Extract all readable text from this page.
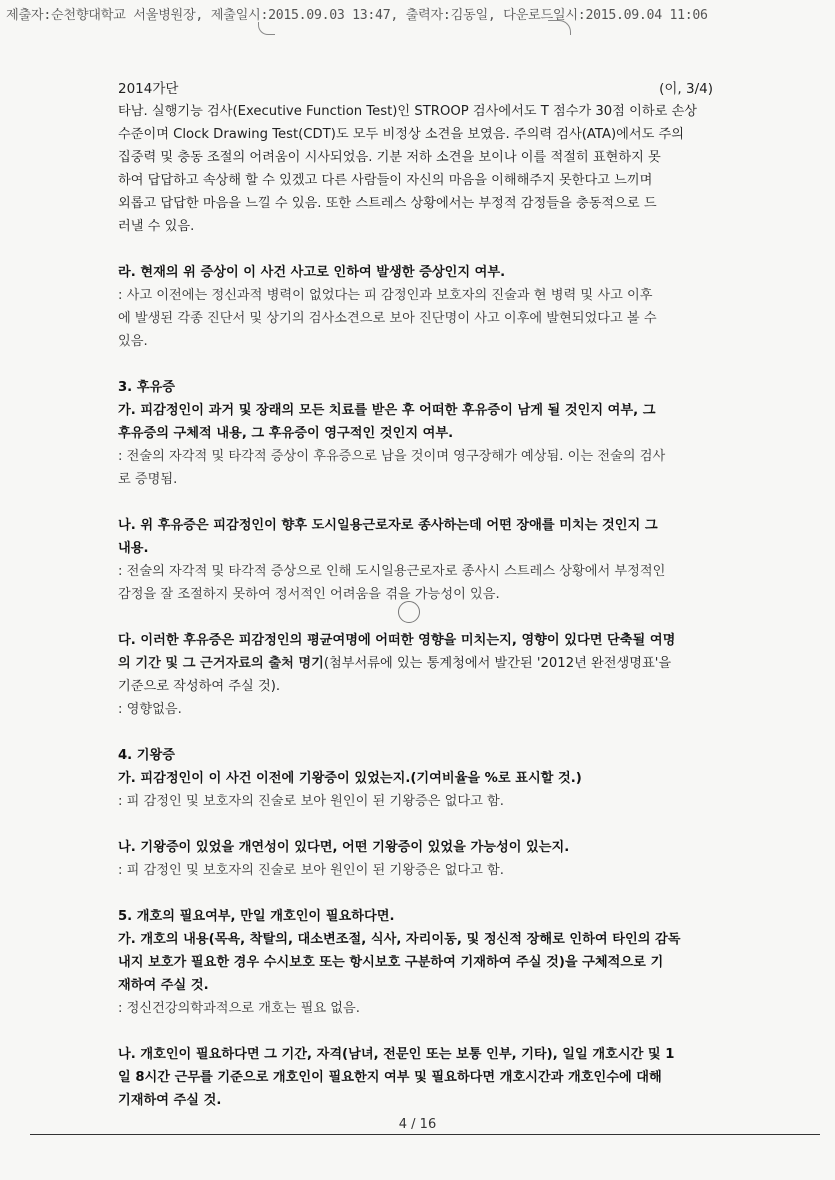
제출자:순천향대학교 서울병원장, 제출일시:2015.09.03 13:47, 출력자:김동일, 다운로드일시:2015.09.04 11:06
2014가단	(이, 3/4)

타남. 실행기능 검사(Executive Function Test)인 STROOP 검사에서도 T 점수가 30점 이하로 손상

수준이며 Clock Drawing Test(CDT)도 모두 비정상 소견을 보였음. 주의력 검사(ATA)에서도 주의

집중력 및 충동 조절의 어려움이 시사되었음. 기분 저하 소견을 보이나 이를 적절히 표현하지 못

하여 답답하고 속상해 할 수 있겠고 다른 사람들이 자신의 마음을 이해해주지 못한다고 느끼며

외롭고 답답한 마음을 느낄 수 있음. 또한 스트레스 상황에서는 부정적 감정들을 충동적으로 드

러낼 수 있음.

라. 현재의 위 증상이 이 사건 사고로 인하여 발생한 증상인지 여부.

: 사고 이전에는 정신과적 병력이 없었다는 피 감정인과 보호자의 진술과 현 병력 및 사고 이후

에 발생된 각종 진단서 및 상기의 검사소견으로 보아 진단명이 사고 이후에 발현되었다고 볼 수

있음.

3. 후유증

가. 피감정인이 과거 및 장래의 모든 치료를 받은 후 어떠한 후유증이 남게 될 것인지 여부, 그

후유증의 구체적 내용, 그 후유증이 영구적인 것인지 여부.

: 전술의 자각적 및 타각적 증상이 후유증으로 남을 것이며 영구장해가 예상됨. 이는 전술의 검사

로 증명됨.

나. 위 후유증은 피감정인이 향후 도시일용근로자로 종사하는데 어떤 장애를 미치는 것인지 그

내용.

: 전술의 자각적 및 타각적 증상으로 인해 도시일용근로자로 종사시 스트레스 상황에서 부정적인

감정을 잘 조절하지 못하여 정서적인 어려움을 겪을 가능성이 있음.

다. 이러한 후유증은 피감정인의 평균여명에 어떠한 영향을 미치는지, 영향이 있다면 단축될 여명

의 기간 및 그 근거자료의 출처 명기(첨부서류에 있는 통계청에서 발간된 '2012년 완전생명표'을

기준으로 작성하여 주실 것).

: 영향없음.

4. 기왕증

가. 피감정인이 이 사건 이전에 기왕증이 있었는지.(기여비율을 %로 표시할 것.)

: 피 감정인 및 보호자의 진술로 보아 원인이 된 기왕증은 없다고 함.

나. 기왕증이 있었을 개연성이 있다면, 어떤 기왕증이 있었을 가능성이 있는지.

: 피 감정인 및 보호자의 진술로 보아 원인이 된 기왕증은 없다고 함.

5. 개호의 필요여부, 만일 개호인이 필요하다면.

가. 개호의 내용(목욕, 착탈의, 대소변조절, 식사, 자리이동, 및 정신적 장해로 인하여 타인의 감독

내지 보호가 필요한 경우 수시보호 또는 항시보호 구분하여 기재하여 주실 것)을 구체적으로 기

재하여 주실 것.

: 정신건강의학과적으로 개호는 필요 없음.

나. 개호인이 필요하다면 그 기간, 자격(남녀, 전문인 또는 보통 인부, 기타), 일일 개호시간 및 1

일 8시간 근무를 기준으로 개호인이 필요한지 여부 및 필요하다면 개호시간과 개호인수에 대해

기재하여 주실 것.

4 / 16
